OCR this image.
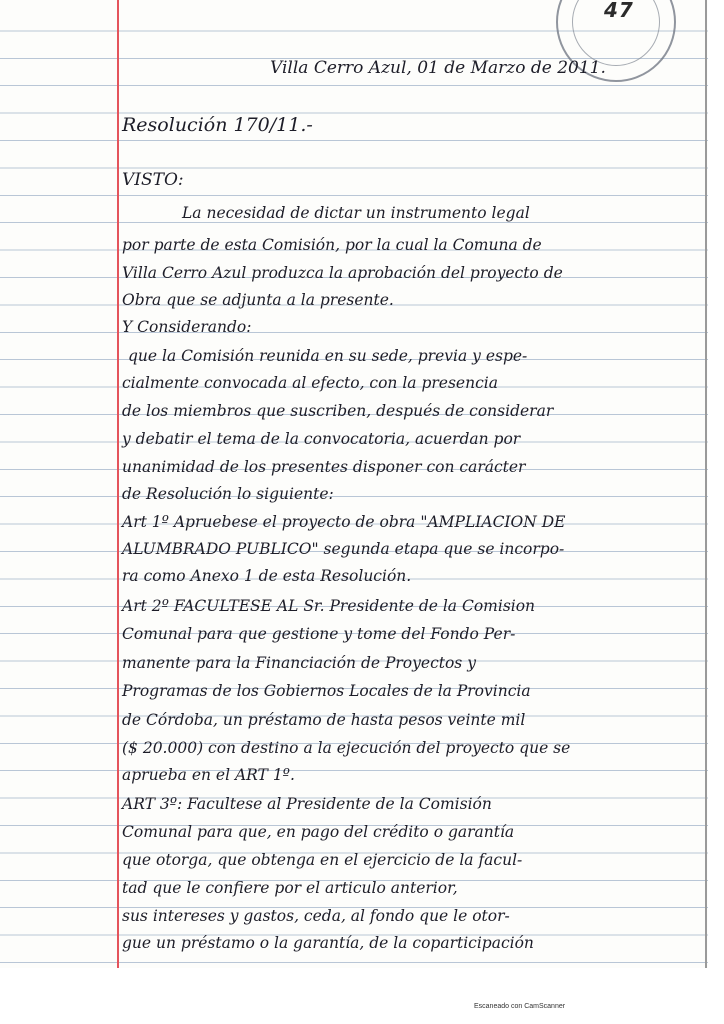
47
Villa Cerro Azul, 01 de Marzo de 2011.
Resolución 170/11.-
VISTO:
La necesidad de dictar un instrumento legal
por parte de esta Comisión, por la cual la Comuna de
Villa Cerro Azul produzca la aprobación del proyecto de
Obra que se adjunta a la presente.
Y Considerando:
que la Comisión reunida en su sede, previa y espe-
cialmente convocada al efecto, con la presencia
de los miembros que suscriben, después de considerar
y debatir el tema de la convocatoria, acuerdan por
unanimidad de los presentes disponer con carácter
de Resolución lo siguiente:
Art 1º Apruebese el proyecto de obra "AMPLIACION DE
ALUMBRADO PUBLICO" segunda etapa que se incorpo-
ra como Anexo 1 de esta Resolución.
Art 2º FACULTESE AL Sr. Presidente de la Comision
Comunal para que gestione y tome del Fondo Per-
manente para la Financiación de Proyectos y
Programas de los Gobiernos Locales de la Provincia
de Córdoba, un préstamo de hasta pesos veinte mil
($ 20.000) con destino a la ejecución del proyecto que se
aprueba en el ART 1º.
ART 3º: Facultese al Presidente de la Comisión
Comunal para que, en pago del crédito o garantía
que otorga, que obtenga en el ejercicio de la facul-
tad que le confiere por el articulo anterior,
sus intereses y gastos, ceda, al fondo que le otor-
gue un préstamo o la garantía, de la coparticipación
Escaneado con CamScanner
